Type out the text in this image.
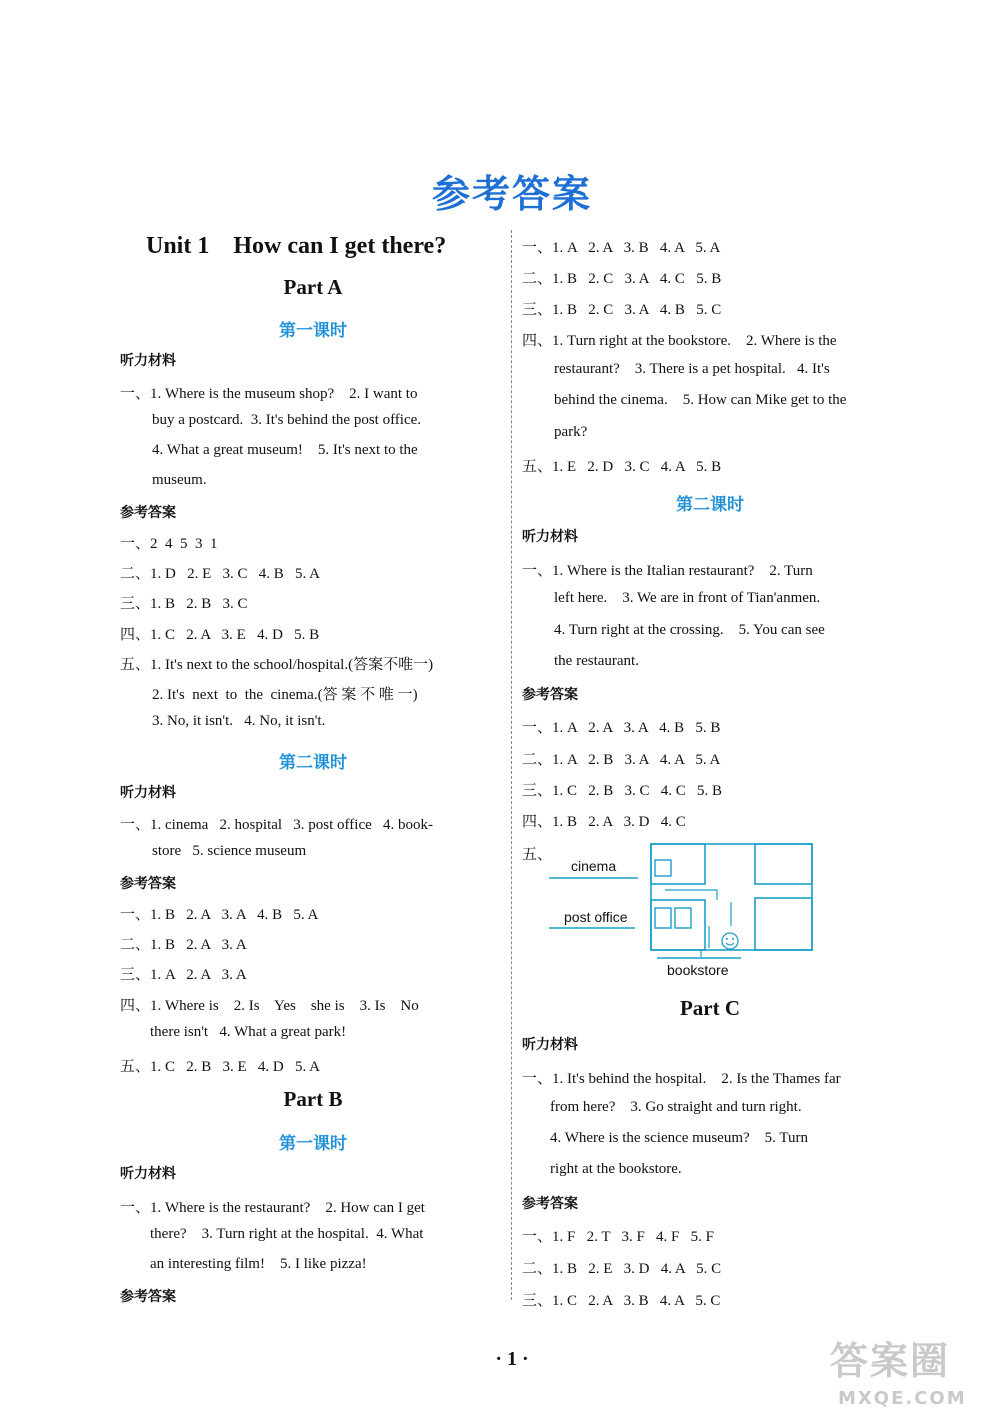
参考答案
Unit 1    How can I get there?
Part A
第一课时
听力材料
一、1. Where is the museum shop?    2. I want to
buy a postcard.  3. It's behind the post office.
4. What a great museum!    5. It's next to the
museum.
参考答案
一、2  4  5  3  1
二、1. D   2. E   3. C   4. B   5. A
三、1. B   2. B   3. C
四、1. C   2. A   3. E   4. D   5. B
五、1. It's next to the school/hospital.(答案不唯一)
2. It's  next  to  the  cinema.(答 案 不 唯 一)
3. No, it isn't.   4. No, it isn't.
第二课时
听力材料
一、1. cinema   2. hospital   3. post office   4. book-
store   5. science museum
参考答案
一、1. B   2. A   3. A   4. B   5. A
二、1. B   2. A   3. A
三、1. A   2. A   3. A
四、1. Where is    2. Is    Yes    she is    3. Is    No
there isn't   4. What a great park!
五、1. C   2. B   3. E   4. D   5. A
Part B
第一课时
听力材料
一、1. Where is the restaurant?    2. How can I get
there?    3. Turn right at the hospital.  4. What
an interesting film!    5. I like pizza!
参考答案
一、1. A   2. A   3. B   4. A   5. A
二、1. B   2. C   3. A   4. C   5. B
三、1. B   2. C   3. A   4. B   5. C
四、1. Turn right at the bookstore.    2. Where is the
restaurant?    3. There is a pet hospital.   4. It's
behind the cinema.    5. How can Mike get to the
park?
五、1. E   2. D   3. C   4. A   5. B
第二课时
听力材料
一、1. Where is the Italian restaurant?    2. Turn
left here.    3. We are in front of Tian'anmen.
4. Turn right at the crossing.    5. You can see
the restaurant.
参考答案
一、1. A   2. A   3. A   4. B   5. B
二、1. A   2. B   3. A   4. A   5. A
三、1. C   2. B   3. C   4. C   5. B
四、1. B   2. A   3. D   4. C
五、
cinema
post office
bookstore
Part C
听力材料
一、1. It's behind the hospital.    2. Is the Thames far
from here?    3. Go straight and turn right.
4. Where is the science museum?    5. Turn
right at the bookstore.
参考答案
一、1. F   2. T   3. F   4. F   5. F
二、1. B   2. E   3. D   4. A   5. C
三、1. C   2. A   3. B   4. A   5. C
· 1 ·	答案圈
MXQE.COM
